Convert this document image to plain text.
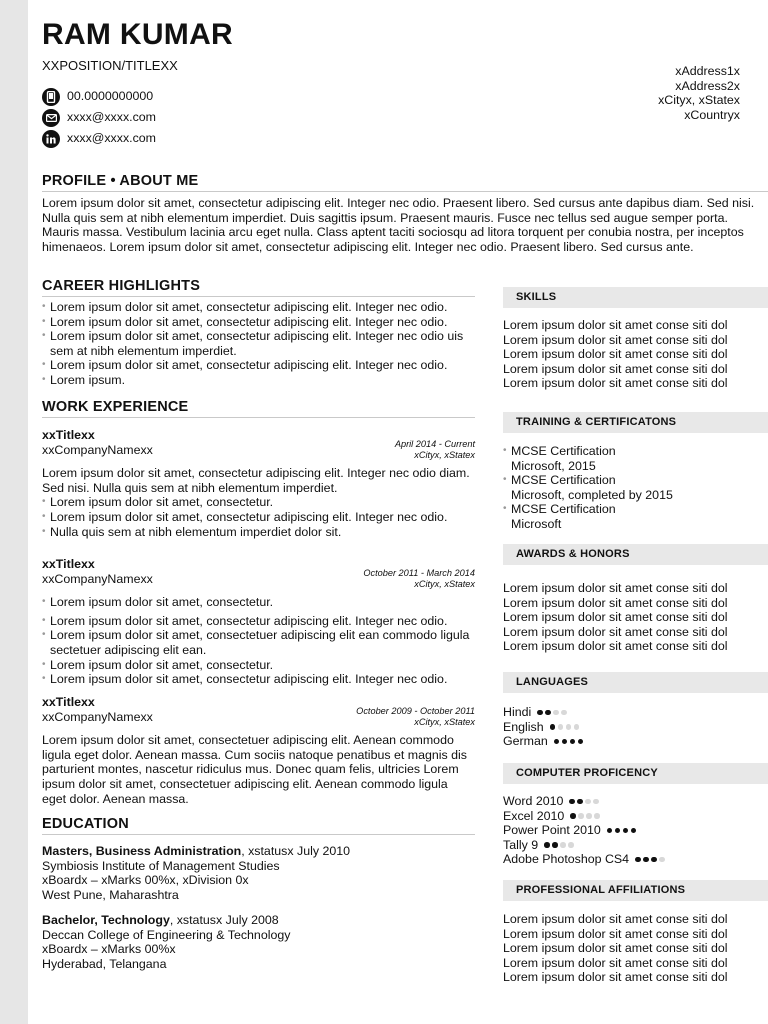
RAM KUMAR
XXPOSITION/TITLEXX
00.0000000000
xxxx@xxxx.com
xxxx@xxxx.com
xAddress1x
xAddress2x
xCityx, xStatex
xCountryx
PROFILE • ABOUT ME
Lorem ipsum dolor sit amet, consectetur adipiscing elit. Integer nec odio. Praesent libero. Sed cursus ante dapibus diam. Sed nisi. Nulla quis sem at nibh elementum imperdiet. Duis sagittis ipsum. Praesent mauris. Fusce nec tellus sed augue semper porta. Mauris massa. Vestibulum lacinia arcu eget nulla. Class aptent taciti sociosqu ad litora torquent per conubia nostra, per inceptos himenaeos. Lorem ipsum dolor sit amet, consectetur adipiscing elit. Integer nec odio. Praesent libero. Sed cursus ante.
CAREER HIGHLIGHTS
• Lorem ipsum dolor sit amet, consectetur adipiscing elit. Integer nec odio.
• Lorem ipsum dolor sit amet, consectetur adipiscing elit. Integer nec odio.
• Lorem ipsum dolor sit amet, consectetur adipiscing elit. Integer nec odio uis sem at nibh elementum imperdiet.
• Lorem ipsum dolor sit amet, consectetur adipiscing elit. Integer nec odio.
• Lorem ipsum.
WORK EXPERIENCE
xxTitlexx
xxCompanyNamexx	April 2014 - Current
xCityx, xStatex
Lorem ipsum dolor sit amet, consectetur adipiscing elit. Integer nec odio diam. Sed nisi. Nulla quis sem at nibh elementum imperdiet.
• Lorem ipsum dolor sit amet, consectetur.
• Lorem ipsum dolor sit amet, consectetur adipiscing elit. Integer nec odio.
• Nulla quis sem at nibh elementum imperdiet dolor sit.
xxTitlexx
xxCompanyNamexx	October 2011 - March 2014
xCityx, xStatex
• Lorem ipsum dolor sit amet, consectetur.
• Lorem ipsum dolor sit amet, consectetur adipiscing elit. Integer nec odio.
• Lorem ipsum dolor sit amet, consectetuer adipiscing elit ean commodo ligula sectetuer adipiscing elit ean.
• Lorem ipsum dolor sit amet, consectetur.
• Lorem ipsum dolor sit amet, consectetur adipiscing elit. Integer nec odio.
xxTitlexx
xxCompanyNamexx	October 2009 - October 2011
xCityx, xStatex
Lorem ipsum dolor sit amet, consectetuer adipiscing elit. Aenean commodo ligula eget dolor. Aenean massa. Cum sociis natoque penatibus et magnis dis parturient montes, nascetur ridiculus mus. Donec quam felis, ultricies Lorem ipsum dolor sit amet, consectetuer adipiscing elit. Aenean commodo ligula eget dolor. Aenean massa.
EDUCATION
Masters, Business Administration, xstatusx July 2010
Symbiosis Institute of Management Studies
xBoardx – xMarks 00%x, xDivision 0x
West Pune, Maharashtra
Bachelor, Technology, xstatusx July 2008
Deccan College of Engineering & Technology
xBoardx – xMarks 00%x
Hyderabad, Telangana
SKILLS
Lorem ipsum dolor sit amet conse siti dol
Lorem ipsum dolor sit amet conse siti dol
Lorem ipsum dolor sit amet conse siti dol
Lorem ipsum dolor sit amet conse siti dol
Lorem ipsum dolor sit amet conse siti dol
TRAINING & CERTIFICATONS
• MCSE Certification
Microsoft, 2015
• MCSE Certification
Microsoft, completed by 2015
• MCSE Certification
Microsoft
AWARDS & HONORS
Lorem ipsum dolor sit amet conse siti dol
Lorem ipsum dolor sit amet conse siti dol
Lorem ipsum dolor sit amet conse siti dol
Lorem ipsum dolor sit amet conse siti dol
Lorem ipsum dolor sit amet conse siti dol
LANGUAGES
Hindi
English
German
COMPUTER PROFICENCY
Word 2010
Excel 2010
Power Point 2010
Tally 9
Adobe Photoshop CS4
PROFESSIONAL AFFILIATIONS
Lorem ipsum dolor sit amet conse siti dol
Lorem ipsum dolor sit amet conse siti dol
Lorem ipsum dolor sit amet conse siti dol
Lorem ipsum dolor sit amet conse siti dol
Lorem ipsum dolor sit amet conse siti dol
